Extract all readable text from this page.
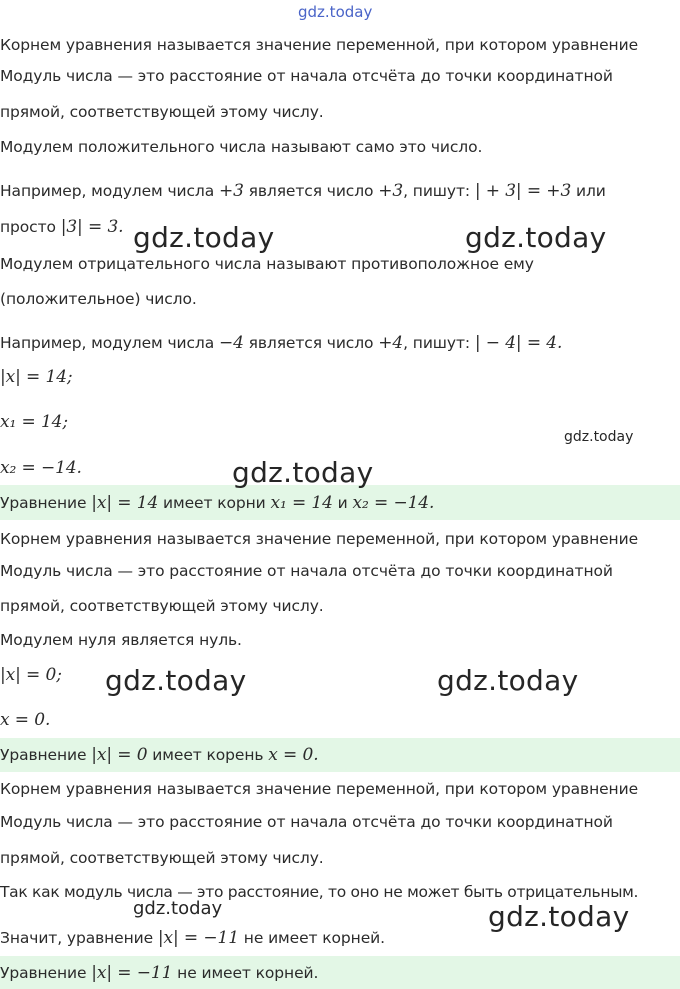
gdz.today
Корнем уравнения называется значение переменной, при котором уравнение
Модуль числа — это расстояние от начала отсчёта до точки координатной
прямой, соответствующей этому числу.
Модулем положительного числа называют само это число.
Например, модулем числа +3 является число +3, пишут: | + 3| = +3 или
просто |3| = 3.
Модулем отрицательного числа называют противоположное ему
(положительное) число.
Например, модулем числа −4 является число +4, пишут: | − 4| = 4.
|x| = 14;
x₁ = 14;
x₂ = −14.
Уравнение |x| = 14 имеет корни x₁ = 14 и x₂ = −14.
Корнем уравнения называется значение переменной, при котором уравнение
Модуль числа — это расстояние от начала отсчёта до точки координатной
прямой, соответствующей этому числу.
Модулем нуля является нуль.
|x| = 0;
x = 0.
Уравнение |x| = 0 имеет корень x = 0.
Корнем уравнения называется значение переменной, при котором уравнение
Модуль числа — это расстояние от начала отсчёта до точки координатной
прямой, соответствующей этому числу.
Так как модуль числа — это расстояние, то оно не может быть отрицательным.
Значит, уравнение |x| = −11 не имеет корней.
Уравнение |x| = −11 не имеет корней.
gdz.today	gdz.today
gdz.today
gdz.today
gdz.today	gdz.today
gdz.today	gdz.today
